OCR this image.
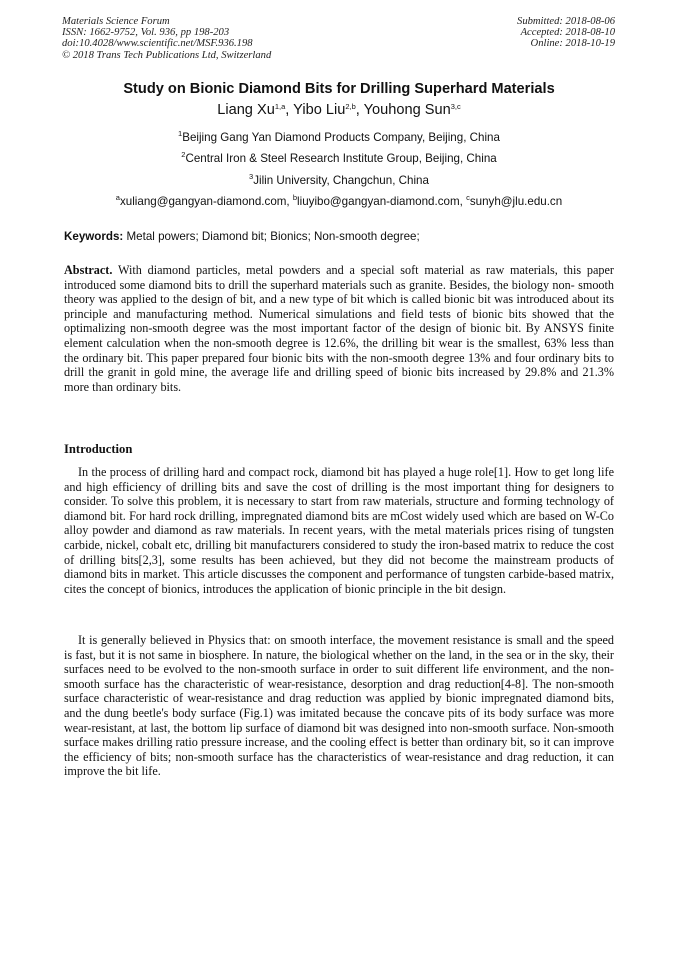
Materials Science Forum
ISSN: 1662-9752, Vol. 936, pp 198-203
doi:10.4028/www.scientific.net/MSF.936.198
© 2018 Trans Tech Publications Ltd, Switzerland
Submitted: 2018-08-06
Accepted: 2018-08-10
Online: 2018-10-19
Study on Bionic Diamond Bits for Drilling Superhard Materials
Liang Xu$^{1,a}$, Yibo Liu$^{2,b}$, Youhong Sun$^{3,c}$
$^1$Beijing Gang Yan Diamond Products Company, Beijing, China
$^2$Central Iron & Steel Research Institute Group, Beijing, China
$^3$Jilin University, Changchun, China
$^a$xuliang@gangyan-diamond.com, $^b$liuyibo@gangyan-diamond.com, $^c$sunyh@jlu.edu.cn
Keywords: Metal powers; Diamond bit; Bionics; Non-smooth degree;
Abstract. With diamond particles, metal powders and a special soft material as raw materials, this paper introduced some diamond bits to drill the superhard materials such as granite. Besides, the biology non- smooth theory was applied to the design of bit, and a new type of bit which is called bionic bit was introduced about its principle and manufacturing method. Numerical simulations and field tests of bionic bits showed that the optimalizing non-smooth degree was the most important factor of the design of bionic bit. By ANSYS finite element calculation when the non-smooth degree is 12.6%, the drilling bit wear is the smallest, 63% less than the ordinary bit. This paper prepared four bionic bits with the non-smooth degree 13% and four ordinary bits to drill the granit in gold mine, the average life and drilling speed of bionic bits increased by 29.8% and 21.3% more than ordinary bits.
Introduction
In the process of drilling hard and compact rock, diamond bit has played a huge role[1]. How to get long life and high efficiency of drilling bits and save the cost of drilling is the most important thing for designers to consider. To solve this problem, it is necessary to start from raw materials, structure and forming technology of diamond bit. For hard rock drilling, impregnated diamond bits are mCost widely used which are based on W-Co alloy powder and diamond as raw materials. In recent years, with the metal materials prices rising of tungsten carbide, nickel, cobalt etc, drilling bit manufacturers considered to study the iron-based matrix to reduce the cost of drilling bits[2,3], some results has been achieved, but they did not become the mainstream products of diamond bits in market. This article discusses the component and performance of tungsten carbide-based matrix, cites the concept of bionics, introduces the application of bionic principle in the bit design.
It is generally believed in Physics that: on smooth interface, the movement resistance is small and the speed is fast, but it is not same in biosphere. In nature, the biological whether on the land, in the sea or in the sky, their surfaces need to be evolved to the non-smooth surface in order to suit different life environment, and the non-smooth surface has the characteristic of wear-resistance, desorption and drag reduction[4-8]. The non-smooth surface characteristic of wear-resistance and drag reduction was applied by bionic impregnated diamond bits, and the dung beetle's body surface (Fig.1) was imitated because the concave pits of its body surface was more wear-resistant, at last, the bottom lip surface of diamond bit was designed into non-smooth surface. Non-smooth surface makes drilling ratio pressure increase, and the cooling effect is better than ordinary bit, so it can improve the efficiency of bits; non-smooth surface has the characteristics of wear-resistance and drag reduction, it can improve the bit life.
